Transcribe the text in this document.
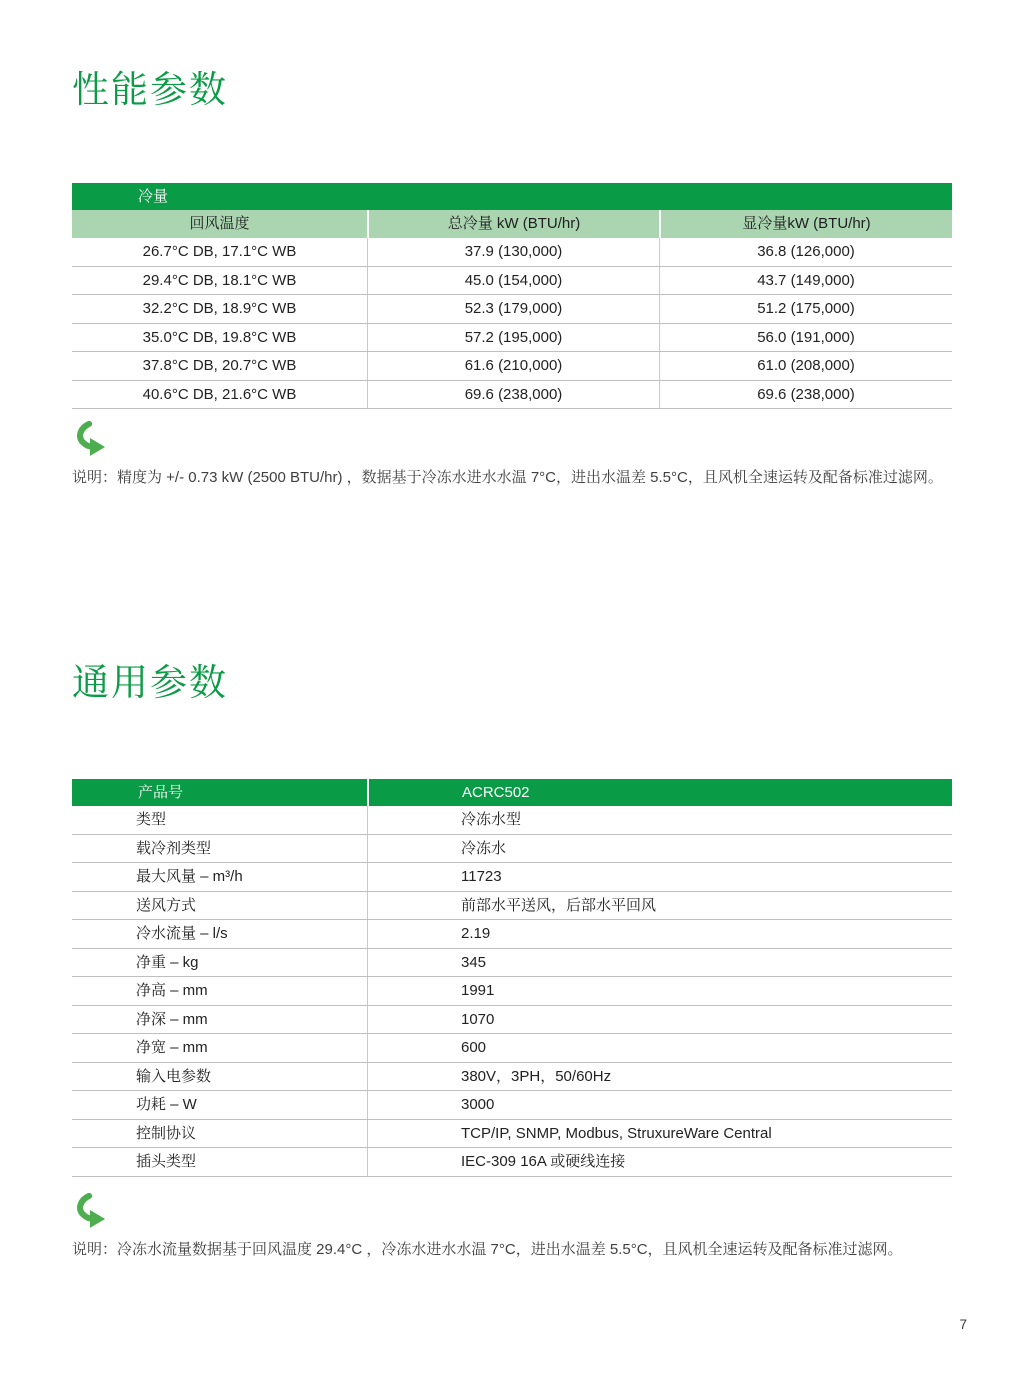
性能参数
冷量
回风温度	总冷量 kW (BTU/hr)	显冷量kW (BTU/hr)
26.7°C DB, 17.1°C WB	37.9 (130,000)	36.8 (126,000)
29.4°C DB, 18.1°C WB	45.0 (154,000)	43.7 (149,000)
32.2°C DB, 18.9°C WB	52.3 (179,000)	51.2 (175,000)
35.0°C DB, 19.8°C WB	57.2 (195,000)	56.0 (191,000)
37.8°C DB, 20.7°C WB	61.6 (210,000)	61.0 (208,000)
40.6°C DB, 21.6°C WB	69.6 (238,000)	69.6 (238,000)
说明：精度为 +/- 0.73 kW (2500 BTU/hr) ，数据基于冷冻水进水水温 7°C，进出水温差 5.5°C，且风机全速运转及配备标准过滤网。
通用参数
产品号	ACRC502
类型	冷冻水型
载冷剂类型	冷冻水
最大风量 – m³/h	11723
送风方式	前部水平送风，后部水平回风
冷水流量 – l/s	2.19
净重 – kg	345
净高 – mm	1991
净深 – mm	1070
净宽 – mm	600
输入电参数	380V，3PH，50/60Hz
功耗 – W	3000
控制协议	TCP/IP, SNMP, Modbus, StruxureWare Central
插头类型	IEC-309 16A 或硬线连接
说明：冷冻水流量数据基于回风温度 29.4°C ，冷冻水进水水温 7°C，进出水温差 5.5°C，且风机全速运转及配备标准过滤网。
7
